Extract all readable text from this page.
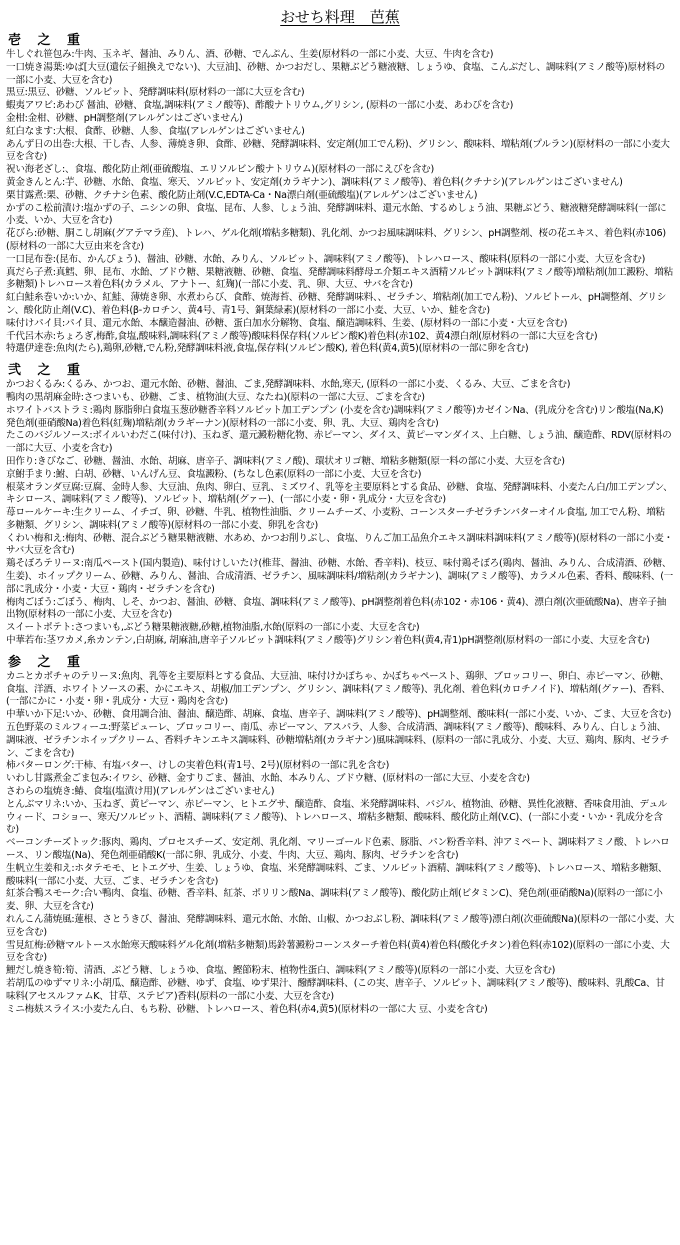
おせち料理　芭蕉
壱 之 重
牛しぐれ笹包み:牛肉、玉ネギ、醤油、みりん、酒、砂糖、でんぷん、生姜(原材料の一部に小麦、大豆、牛肉を含む)
一口焼き湯葉:ゆば[大豆(遺伝子組換えでない)、大豆油]、砂糖、かつおだし、果糖ぶどう糖液糖、しょうゆ、食塩、こんぶだし、調味料(アミノ酸等)原材料の一部に小麦、大豆を含む)
黒豆:黒豆、砂糖、ソルビット、発酵調味料(原材料の一部に大豆を含む)
蝦夷アワビ:あわび 醤油、砂糖、食塩,調味料(アミノ酸等)、酢酸ナトリウム,グリシン, (原料の一部に小麦、あわびを含む)
金柑:金柑、砂糖、pH調整剤(アレルゲンはございません)
紅白なます:大根、食酢、砂糖、人参、食塩(アレルゲンはございません)
あんず日の出巻:大根、干し杏、人参、薄焼き卵、食酢、砂糖、発酵調味料、安定剤(加工でん粉)、グリシン、酸味料、増粘剤(プルラン)(原材料の一部に小麦大豆を含む)
祝い海老ざし:、食塩、酸化防止剤(亜硫酸塩、エリソルビン酸ナトリウム)(原材料の一部にえびを含む)
黄金きんとん:芋、砂糖、水飴、食塩、寒天、ソルビット、安定剤(カラギナン)、調味料(アミノ酸等)、着色料(クチナシ)(アレルゲンはございません)
栗甘露煮:栗、砂糖、クチナシ色素、酸化防止剤(V.C,EDTA-Ca・Na漂白剤(亜硫酸塩)(アレルゲンはございません)
かずのこ松前漬け:塩かずの子、ニシンの卵、食塩、昆布、人参、しょう油、発酵調味料、還元水飴、するめしょう油、果糖ぶどう、糖液糖発酵調味料(一部に小麦、いか、大豆を含む)
花びら:砂糖、胴こし胡麻(グアテマラ産)、トレハ、ゲル化剤(増粘多糖類)、乳化剤、かつお風味調味料、グリシン、pH調整剤、桜の花エキス、着色料(赤106)(原材料の一部に大豆由来を含む)
一口昆布巻:(昆布、かんぴょう)、醤油、砂糖、水飴、みりん、ソルビット、調味料(アミノ酸等)、トレハロース、酸味料(原料の一部に小麦、大豆を含む)
真だら子煮:真鱈、卵、昆布、水飴、ブドウ糖、果糖液糖、砂糖、食塩、発酵調味料酵母エ介類エキス酒精ソルビット調味料(アミノ酸等)増粘剤(加工澱粉、増粘多糖類)トレハロース着色料(カラメル、アナトー、紅麹)(一部に小麦、乳、卵、大豆、サバを含む)
紅白鮭糸巻いか:いか、紅鮭、薄焼き卵、水煮わらび、食酢、焼海苔、砂糖、発酵調味料、、ゼラチン、増粘剤(加工でん粉)、ソルビトール、pH調整剤、グリシン、酸化防止剤(V.C)、着色料(β-カロチン、黄4号、青1号、銅葉緑素)(原材料の一部に小麦、大豆、いか、鮭を含む)
味付けパイ貝:パイ貝、還元水飴、本醸造醤油、砂糖、蛋白加水分解物、食塩、醸造調味料、生姜、(原材料の一部に小麦・大豆を含む)
千代呂木赤:ちょろぎ,梅酢,食塩,酸味料,調味料(アミノ酸等)酸味料保存料(ソルビン酸K)着色料(赤102、黄4漂白剤(原材料の一部に大豆を含む)
特選伊達巻:魚肉(たら),鶏卵,砂糖,でん粉,発酵調味料液,食塩,保存料(ソルビン酸K), 着色料(黄4,黄5)(原材料の一部に卵を含む)
弐 之 重
かつおくるみ:くるみ、かつお、還元水飴、砂糖、醤油、ごま,発酵調味料、水飴,寒天, (原料の一部に小麦、くるみ、大豆、ごまを含む)
鴨肉の黒胡麻金時:さつまいも、砂糖、ごま、植物油(大豆、なたね)(原料の一部に大豆、ごまを含む)
ホワイトバストラミ:鶏肉 豚脂卵白食塩玉葱砂糖香辛料ソルビット加工デンプン (小麦を含む)調味料(アミノ酸等)カゼインNa、(乳成分を含む)リン酸塩(Na,K) 発色剤(亜硝酸Na)着色料(紅麹)増粘剤(カラギーナン)(原材料の一部に小麦、卵、乳、大豆、鶏肉を含む)
たこのバジルソース:ボイルいわだこ(味付け)、玉ねぎ、還元澱粉糖化物、赤ピーマン、ダイス、黄ピーマンダイス、上白糖、しょう油、醸造酢、RDV(原材料の一部に大豆、小麦を含む)
田作り:きびなご、砂糖、醤油、水飴、胡麻、唐辛子、調味料(アミノ酸)、環状オリゴ糖、増粘多糖類(原一料の部に小麦、大豆を含む)
京鮒手まり:鮒、白胡、砂糖、いんげん豆、食塩澱粉、(ちなし色素(原料の一部に小麦、大豆を含む)
根菜オランダ豆腐:豆腐、金時人参、大豆油、魚肉、卵白、豆乳、ミズワイ、乳等を主要原料とする食品、砂糖、食塩、発酵調味料、小麦たん白/加工デンプン、キシロース、調味料(アミノ酸等)、ソルビット、増粘剤(グァー)、(一部に小麦・卵・乳成分・大豆を含む)
苺ロールケーキ:生クリーム、イチゴ、卵、砂糖、牛乳、植物性油脂、クリームチーズ、小麦粉、コーンスターチゼラチンバターオイル食塩, 加工でん粉、増粘多糖類、グリシン、調味料(アミノ酸等)(原材料の一部に小麦、卵乳を含む)
くわい梅和え:梅肉、砂糖、混合ぶどう糖果糖液糖、水あめ、かつお削りぶし、食塩、りんご加工品魚介エキス調味料調味料(アミノ酸等)(原材料の一部に小麦・サバ大豆を含む)
鶏そぼろテリーヌ:南瓜ペースト(国内製造)、味付けしいたけ(椎茸、醤油、砂糖、水飴、香辛料)、枝豆、味付鶏そぼろ(鶏肉、醤油、みりん、合成清酒、砂糖、生姜)、ホイップクリーム、砂糖、みりん、醤油、合成清酒、ゼラチン、風味調味料/増粘剤(カラギナン)、調味(アミノ酸等)、カラメル色素、香料、酸味料、(一部に乳成分・小麦・大豆・鶏肉・ゼラチンを含む)
梅肉ごぼう:ごぼう、梅肉、しそ、かつお、醤油、砂糖、食塩、調味料(アミノ酸等)、pH調整剤着色料(赤102・赤106・黄4)、漂白剤(次亜硫酸Na)、唐辛子抽出物(原材料の一部に小麦、大豆を含む)
スイートポテト:さつまいも,ぶどう糖果糖液糖,砂糖,植物油脂,水飴(原料の一部に小麦、大豆を含む)
中華若布:茎ワカメ,糸カンテン,白胡麻, 胡麻油,唐辛子ソルビット調味料(アミノ酸等)グリシン着色料(黄4,青1)pH調整剤(原材料の一部に小麦、大豆を含む)
参 之 重
カニとカボチャのテリーヌ:魚肉、乳等を主要原料とする食品、大豆油、味付けかぼちゃ、かぼちゃペースト、鶏卵、ブロッコリー、卵白、赤ピーマン、砂糖、食塩、洋酒、ホワイトソースの素、かにエキス、胡椒/加工デンプン、グリシン、調味料(アミノ酸等)、乳化剤、着色料(カロチノイド)、増粘剤(グァー)、香料、(一部にかに・小麦・卵・乳成分・大豆・鶏肉を含む)
中華いか下足:いか、砂糖、食用調合油、醤油、醸造酢、胡麻、食塩、唐辛子、調味料(アミノ酸等)、pH調整剤、酸味料(一部に小麦、いか、ごま、大豆を含む)
五色野菜のミルフィーユ:野菜ピューレ、ブロッコリー、南瓜、赤ピーマン、アスパラ、人参、合成清酒、調味料(アミノ酸等)、酸味料、みりん、白しょう油、調味液、ゼラチンホイップクリーム、香料チキンエキス調味料、砂糖増粘剤(カラギナン)風味調味料、(原料の一部に乳成分、小麦、大豆、鶏肉、豚肉、ゼラチン、ごまを含む)
柿バターロング:干柿、有塩バター、けしの実着色料(青1号、2号)(原材料の一部に乳を含む)
いわし甘露煮金ごま包み:イワシ、砂糖、金すりごま、醤油、水飴、本みりん、ブドウ糖、(原材料の一部に大豆、小麦を含む)
さわらの塩焼き:鰆、食塩(塩漬け用)(アレルゲンはございません)
とんぶマリネ:いか、玉ねぎ、黄ピーマン、赤ピーマン、ヒトエグサ、醸造酢、食塩、米発酵調味料、バジル、植物油、砂糖、異性化液糖、香味食用油、デュルウィード、コショー、寒天/ソルビット、酒精、調味料(アミノ酸等)、トレハロース、増粘多糖類、酸味料、酸化防止剤(V.C)、(一部に小麦・いか・乳成分を含む)
ベーコンチーズトック:豚肉、鶏肉、プロセスチーズ、安定剤、乳化剤、マリーゴールド色素、豚脂、パン粉香辛料、沖アミペート、調味料アミノ酸、トレハロース、リン酸塩(Na)、発色剤亜硝酸K(一部に卵、乳成分、小麦、牛肉、大豆、鶏肉、豚肉、ゼラチンを含む)
生帆立生姜和え:ホタテモモ、ヒトエグサ、生姜、しょうゆ、食塩、米発酵調味料、ごま、ソルビット酒精、調味料(アミノ酸等)、トレハロース、増粘多糖類、酸味料(一部に小麦、大豆、ごま、ゼラチンを含む)
紅茶合鴨スモーク:合い鴨肉、食塩、砂糖、香辛料、紅茶、ポリリン酸Na、調味料(アミノ酸等)、酸化防止剤(ビタミンC)、発色剤(亜硝酸Na)(原料の一部に小麦、卵、大豆を含む)
れんこん蒲焼風:蓮根、さとうきび、醤油、発酵調味料、還元水飴、水飴、山椒、かつおぶし粉、調味料(アミノ酸等)漂白剤(次亜硫酸Na)(原料の一部に小麦、大豆を含む)
雪見紅梅:砂糖マルトース水飴寒天酸味料ゲル化剤(増粘多糖類)馬鈴薯澱粉コーンスターチ着色料(黄4)着色料(酸化チタン)着色料(赤102)(原料の一部に小麦、大豆を含む)
鯉だし焼き筍:筍、清酒、ぶどう糖、しょうゆ、食塩、鰹節粉末、植物性蛋白、調味料(アミノ酸等)(原料の一部に小麦、大豆を含む)
若胡瓜のゆずマリネ:小胡瓜、醸造酢、砂糖、ゆず、食塩、ゆず果汁、醱酵調味料、(この実、唐辛子、ソルビット、調味料(アミノ酸等)、酸味料、乳酸Ca、甘味料(アセスルファムK、甘草、ステビア)香料(原料の一部に小麦、大豆を含む)
ミニ梅麸スライス:小麦たん白、もち粉、砂糖、トレハロース、着色料(赤4,黄5)(原材料の一部に大 豆、小麦を含む)
